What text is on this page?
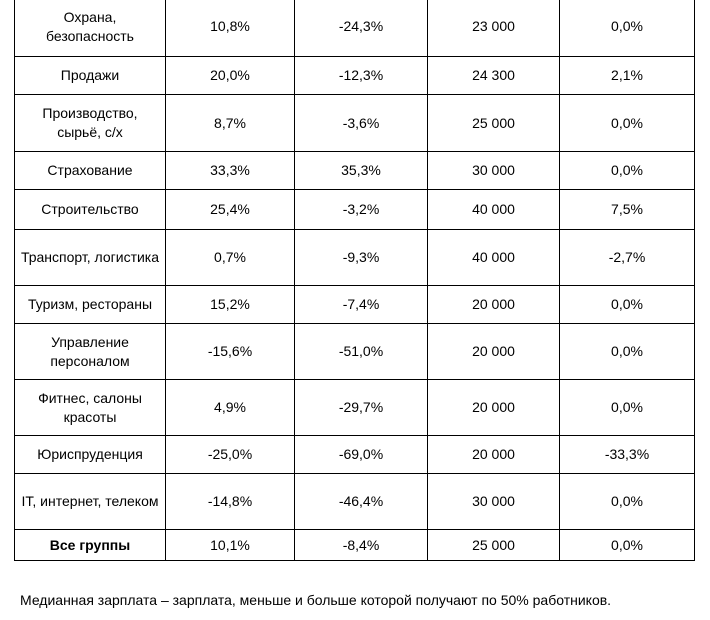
Охрана, безопасность	10,8%	-24,3%	23 000	0,0%
Продажи	20,0%	-12,3%	24 300	2,1%
Производство, сырьё, с/х	8,7%	-3,6%	25 000	0,0%
Страхование	33,3%	35,3%	30 000	0,0%
Строительство	25,4%	-3,2%	40 000	7,5%
Транспорт, логистика	0,7%	-9,3%	40 000	-2,7%
Туризм, рестораны	15,2%	-7,4%	20 000	0,0%
Управление персоналом	-15,6%	-51,0%	20 000	0,0%
Фитнес, салоны красоты	4,9%	-29,7%	20 000	0,0%
Юриспруденция	-25,0%	-69,0%	20 000	-33,3%
IT, интернет, телеком	-14,8%	-46,4%	30 000	0,0%
Все группы	10,1%	-8,4%	25 000	0,0%
Медианная зарплата – зарплата, меньше и больше которой получают по 50% работников.
